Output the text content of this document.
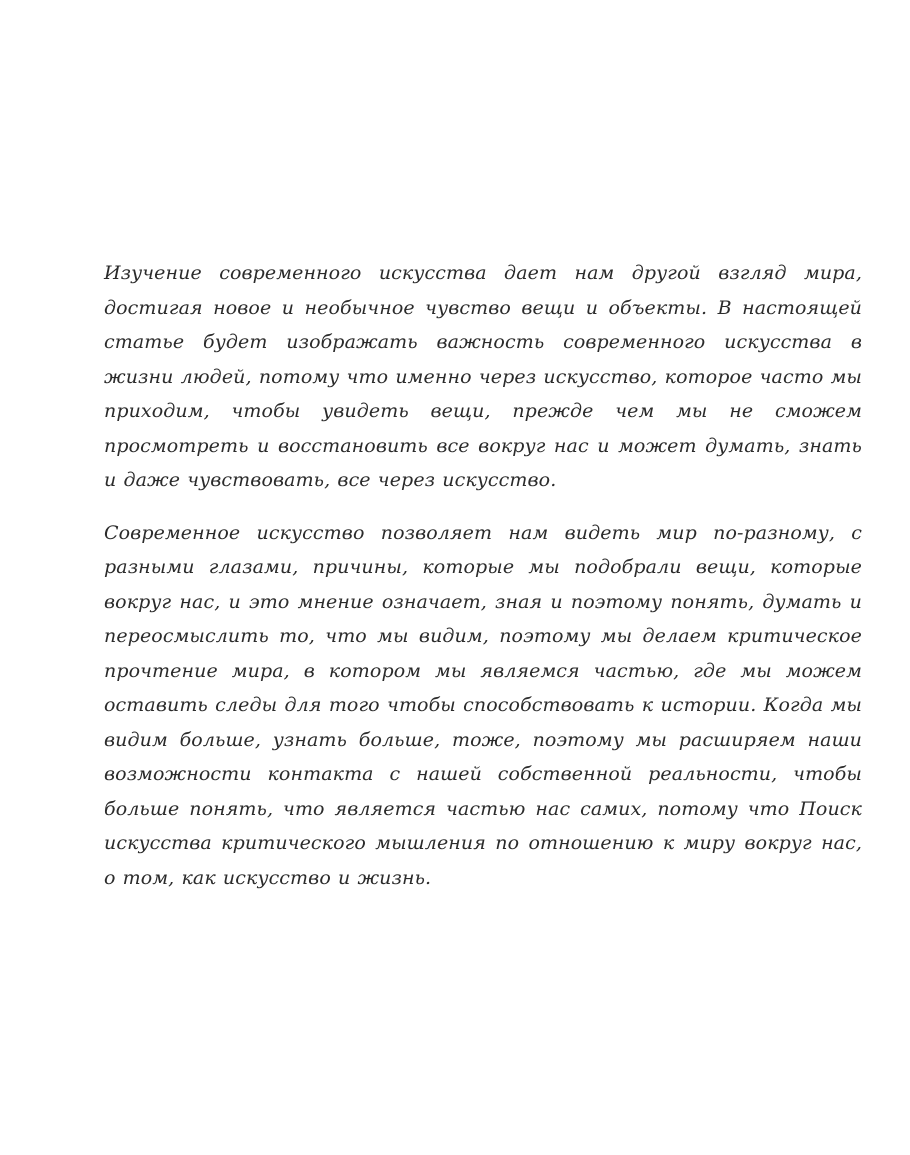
Изучение современного искусства дает нам другой взгляд мира, достигая новое и необычное чувство вещи и объекты. В настоящей статье будет изображать важность современного искусства в жизни людей, потому что именно через искусство, которое часто мы приходим, чтобы увидеть вещи, прежде чем мы не сможем просмотреть и восстановить все вокруг нас и может думать, знать и даже чувствовать, все через искусство.

Современное искусство позволяет нам видеть мир по-разному, с разными глазами, причины, которые мы подобрали вещи, которые вокруг нас, и это мнение означает, зная и поэтому понять, думать и переосмыслить то, что мы видим, поэтому мы делаем критическое прочтение мира, в котором мы являемся частью, где мы можем оставить следы для того чтобы способствовать к истории. Когда мы видим больше, узнать больше, тоже, поэтому мы расширяем наши возможности контакта с нашей собственной реальности, чтобы больше понять, что является частью нас самих, потому что Поиск искусства критического мышления по отношению к миру вокруг нас, о том, как искусство и жизнь.
